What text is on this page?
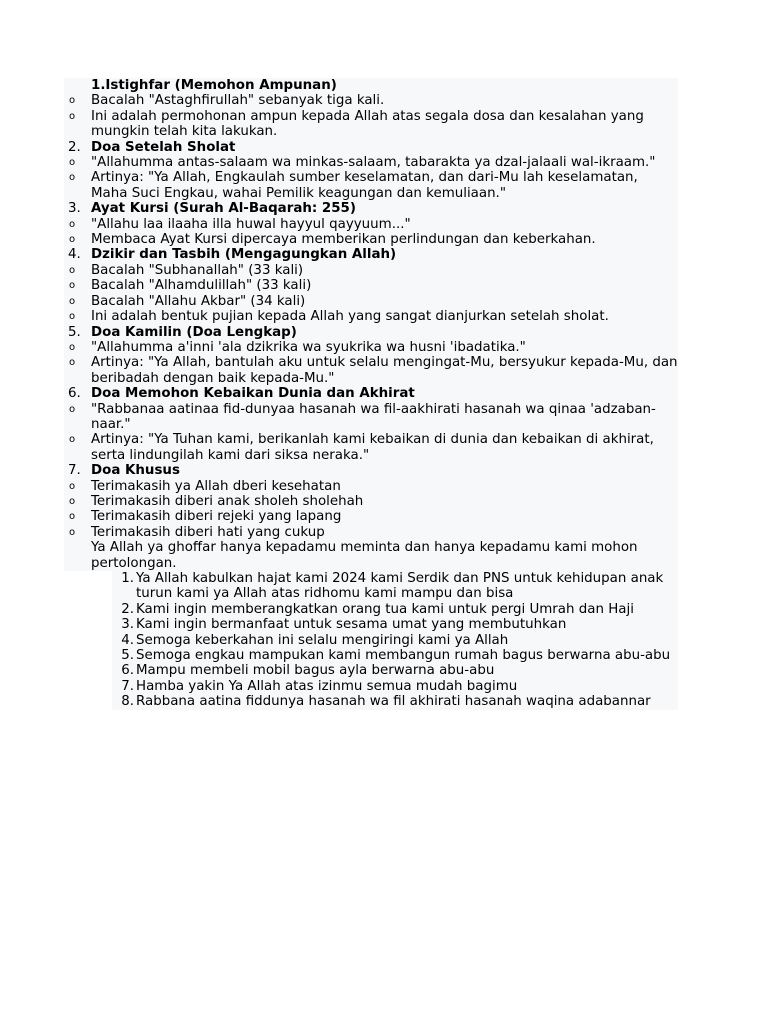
1.Istighfar (Memohon Ampunan)
o Bacalah "Astaghfirullah" sebanyak tiga kali.
o Ini adalah permohonan ampun kepada Allah atas segala dosa dan kesalahan yang mungkin telah kita lakukan.
2. Doa Setelah Sholat
o "Allahumma antas-salaam wa minkas-salaam, tabarakta ya dzal-jalaali wal-ikraam."
o Artinya: "Ya Allah, Engkaulah sumber keselamatan, dan dari-Mu lah keselamatan, Maha Suci Engkau, wahai Pemilik keagungan dan kemuliaan."
3. Ayat Kursi (Surah Al-Baqarah: 255)
o "Allahu laa ilaaha illa huwal hayyul qayyuum..."
o Membaca Ayat Kursi dipercaya memberikan perlindungan dan keberkahan.
4. Dzikir dan Tasbih (Mengagungkan Allah)
o Bacalah "Subhanallah" (33 kali)
o Bacalah "Alhamdulillah" (33 kali)
o Bacalah "Allahu Akbar" (34 kali)
o Ini adalah bentuk pujian kepada Allah yang sangat dianjurkan setelah sholat.
5. Doa Kamilin (Doa Lengkap)
o "Allahumma a'inni 'ala dzikrika wa syukrika wa husni 'ibadatika."
o Artinya: "Ya Allah, bantulah aku untuk selalu mengingat-Mu, bersyukur kepada-Mu, dan beribadah dengan baik kepada-Mu."
6. Doa Memohon Kebaikan Dunia dan Akhirat
o "Rabbanaa aatinaa fid-dunyaa hasanah wa fil-aakhirati hasanah wa qinaa 'adzaban-naar."
o Artinya: "Ya Tuhan kami, berikanlah kami kebaikan di dunia dan kebaikan di akhirat, serta lindungilah kami dari siksa neraka."
7. Doa Khusus
o Terimakasih ya Allah dberi kesehatan
o Terimakasih diberi anak sholeh sholehah
o Terimakasih diberi rejeki yang lapang
o Terimakasih diberi hati yang cukup
Ya Allah ya ghoffar hanya kepadamu meminta dan hanya kepadamu kami mohon pertolongan.
1. Ya Allah kabulkan hajat kami 2024 kami Serdik dan PNS untuk kehidupan anak turun kami ya Allah atas ridhomu kami mampu dan bisa
2. Kami ingin memberangkatkan orang tua kami untuk pergi Umrah dan Haji
3. Kami ingin bermanfaat untuk sesama umat yang membutuhkan
4. Semoga keberkahan ini selalu mengiringi kami ya Allah
5. Semoga engkau mampukan kami membangun rumah bagus berwarna abu-abu
6. Mampu membeli mobil bagus ayla berwarna abu-abu
7. Hamba yakin Ya Allah atas izinmu semua mudah bagimu
8. Rabbana aatina fiddunya hasanah wa fil akhirati hasanah waqina adabannar
